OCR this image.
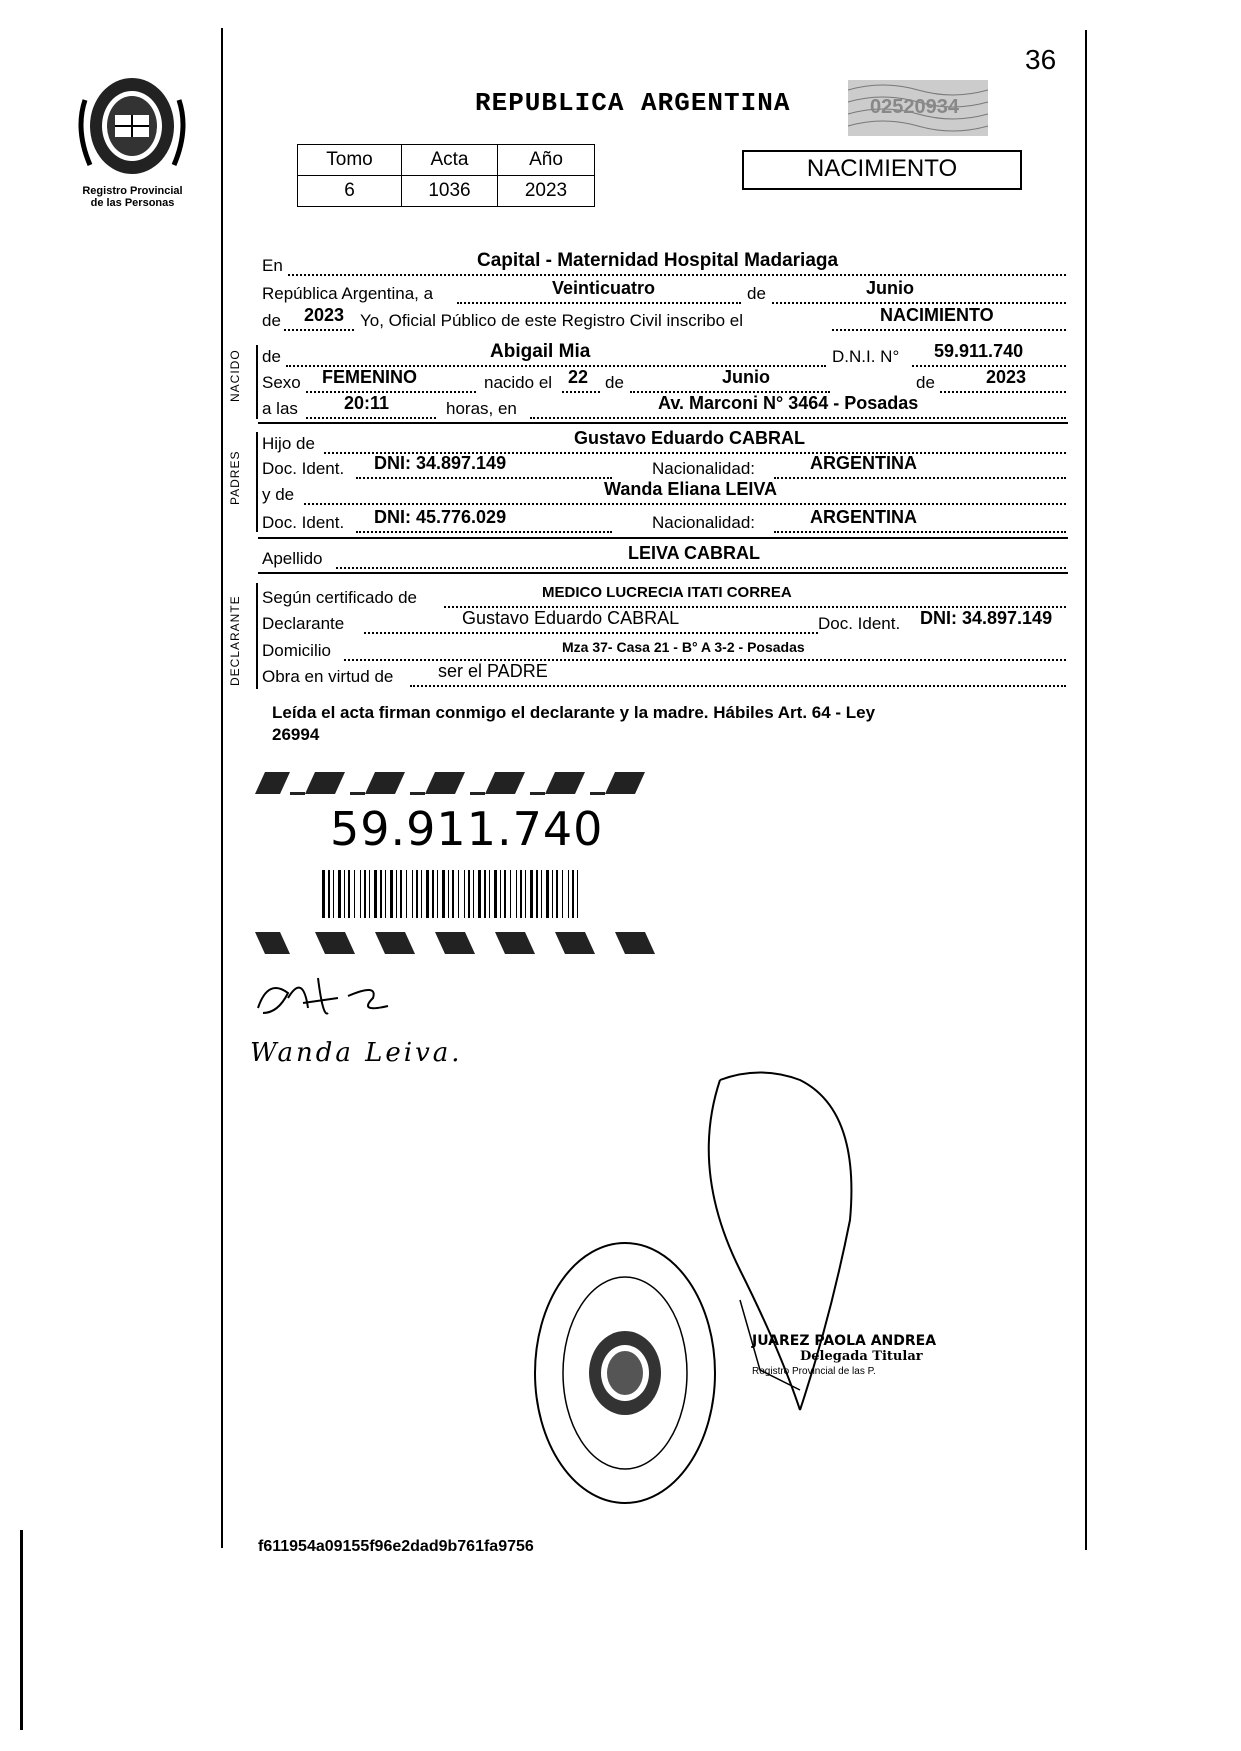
Registro Provincial
de las Personas
36
REPUBLICA ARGENTINA	02520934
Tomo	Acta	Año
6	1036	2023
NACIMIENTO
NACIDO
PADRES
DECLARANTE
En	Capital - Maternidad Hospital Madariaga
República Argentina, a	Veinticuatro	de	Junio
de 2023 Yo, Oficial Público de este Registro Civil inscribo el	NACIMIENTO
de	Abigail Mia	D.N.I. N° 59.911.740
Sexo FEMENINO	nacido el 22 de	Junio	de	2023
a las	20:11	horas, en	Av. Marconi N° 3464 - Posadas
Hijo de	Gustavo Eduardo CABRAL
Doc. Ident. DNI: 34.897.149	Nacionalidad:	ARGENTINA
y de	Wanda Eliana LEIVA
Doc. Ident. DNI: 45.776.029	Nacionalidad:	ARGENTINA
Apellido	LEIVA CABRAL
Según certificado de	MEDICO LUCRECIA ITATI CORREA
Declarante	Gustavo Eduardo CABRAL	Doc. Ident. DNI: 34.897.149
Domicilio	Mza 37- Casa 21 - B° A 3-2 - Posadas
Obra en virtud de ser el PADRE
Leída el acta firman conmigo el declarante y la madre. Hábiles Art. 64 - Ley
26994
59.911.740
Wanda Leiva.
JUAREZ PAOLA ANDREA
Delegada Titular
Registro Provincial de las P.
f611954a09155f96e2dad9b761fa9756
